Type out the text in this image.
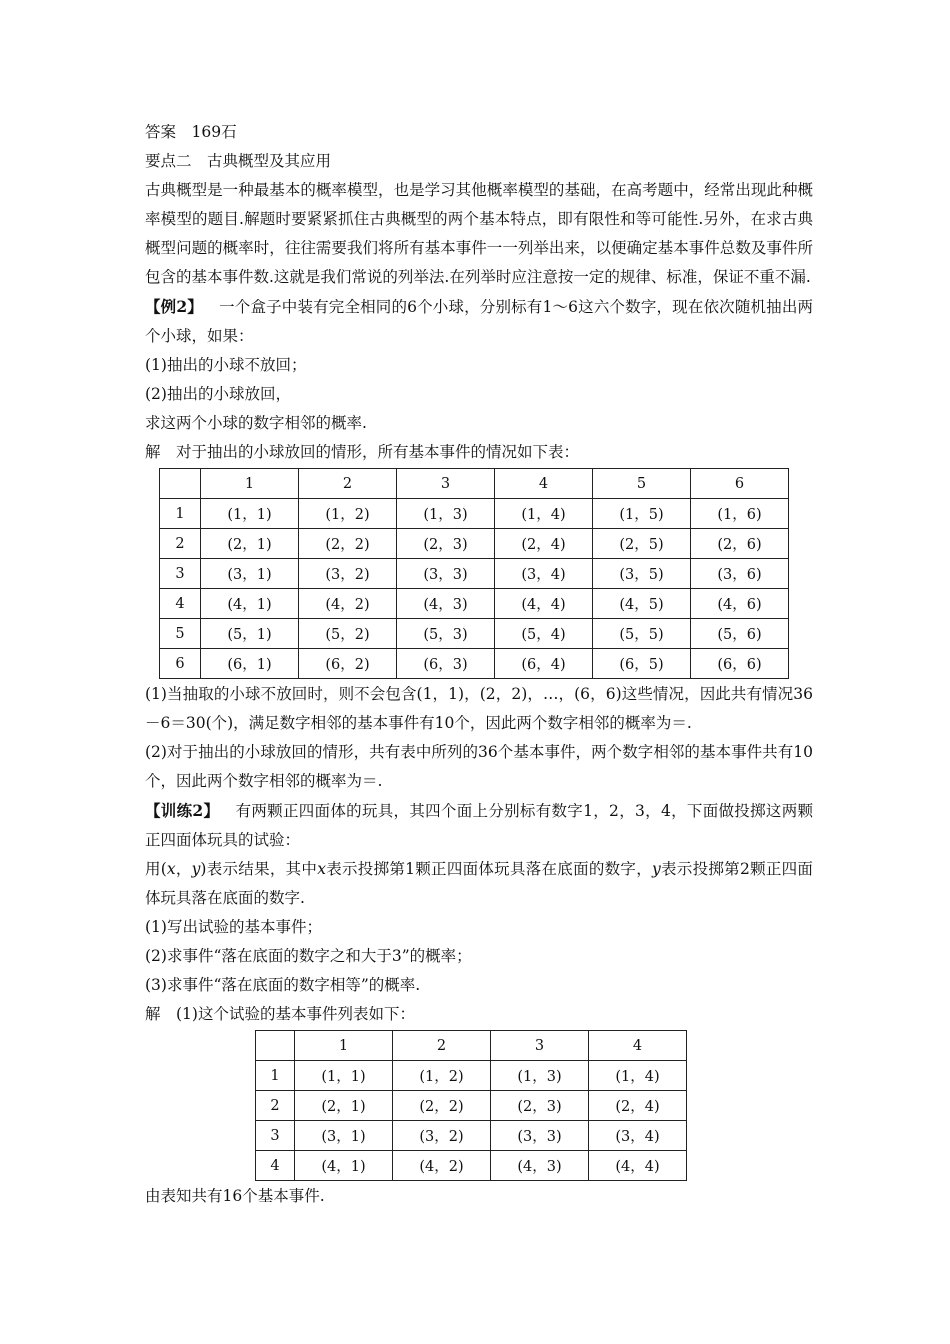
答案　169石
要点二　古典概型及其应用
古典概型是一种最基本的概率模型，也是学习其他概率模型的基础，在高考题中，经常出现此种概率模型的题目.解题时要紧紧抓住古典概型的两个基本特点，即有限性和等可能性.另外，在求古典概型问题的概率时，往往需要我们将所有基本事件一一列举出来，以便确定基本事件总数及事件所包含的基本事件数.这就是我们常说的列举法.在列举时应注意按一定的规律、标准，保证不重不漏.
【例2】 一个盒子中装有完全相同的6个小球，分别标有1～6这六个数字，现在依次随机抽出两个小球，如果：
(1)抽出的小球不放回；
(2)抽出的小球放回，
求这两个小球的数字相邻的概率.
解　对于抽出的小球放回的情形，所有基本事件的情况如下表：
	1	2	3	4	5	6
1	(1，1)	(1，2)	(1，3)	(1，4)	(1，5)	(1，6)
2	(2，1)	(2，2)	(2，3)	(2，4)	(2，5)	(2，6)
3	(3，1)	(3，2)	(3，3)	(3，4)	(3，5)	(3，6)
4	(4，1)	(4，2)	(4，3)	(4，4)	(4，5)	(4，6)
5	(5，1)	(5，2)	(5，3)	(5，4)	(5，5)	(5，6)
6	(6，1)	(6，2)	(6，3)	(6，4)	(6，5)	(6，6)
(1)当抽取的小球不放回时，则不会包含(1，1)，(2，2)，…，(6，6)这些情况，因此共有情况36－6＝30(个)，满足数字相邻的基本事件有10个，因此两个数字相邻的概率为＝.
(2)对于抽出的小球放回的情形，共有表中所列的36个基本事件，两个数字相邻的基本事件共有10个，因此两个数字相邻的概率为＝.
【训练2】 有两颗正四面体的玩具，其四个面上分别标有数字1，2，3，4，下面做投掷这两颗正四面体玩具的试验：
用(x，y)表示结果，其中x表示投掷第1颗正四面体玩具落在底面的数字，y表示投掷第2颗正四面体玩具落在底面的数字.
(1)写出试验的基本事件；
(2)求事件“落在底面的数字之和大于3”的概率；
(3)求事件“落在底面的数字相等”的概率.
解　(1)这个试验的基本事件列表如下：
	1	2	3	4
1	(1，1)	(1，2)	(1，3)	(1，4)
2	(2，1)	(2，2)	(2，3)	(2，4)
3	(3，1)	(3，2)	(3，3)	(3，4)
4	(4，1)	(4，2)	(4，3)	(4，4)
由表知共有16个基本事件.
